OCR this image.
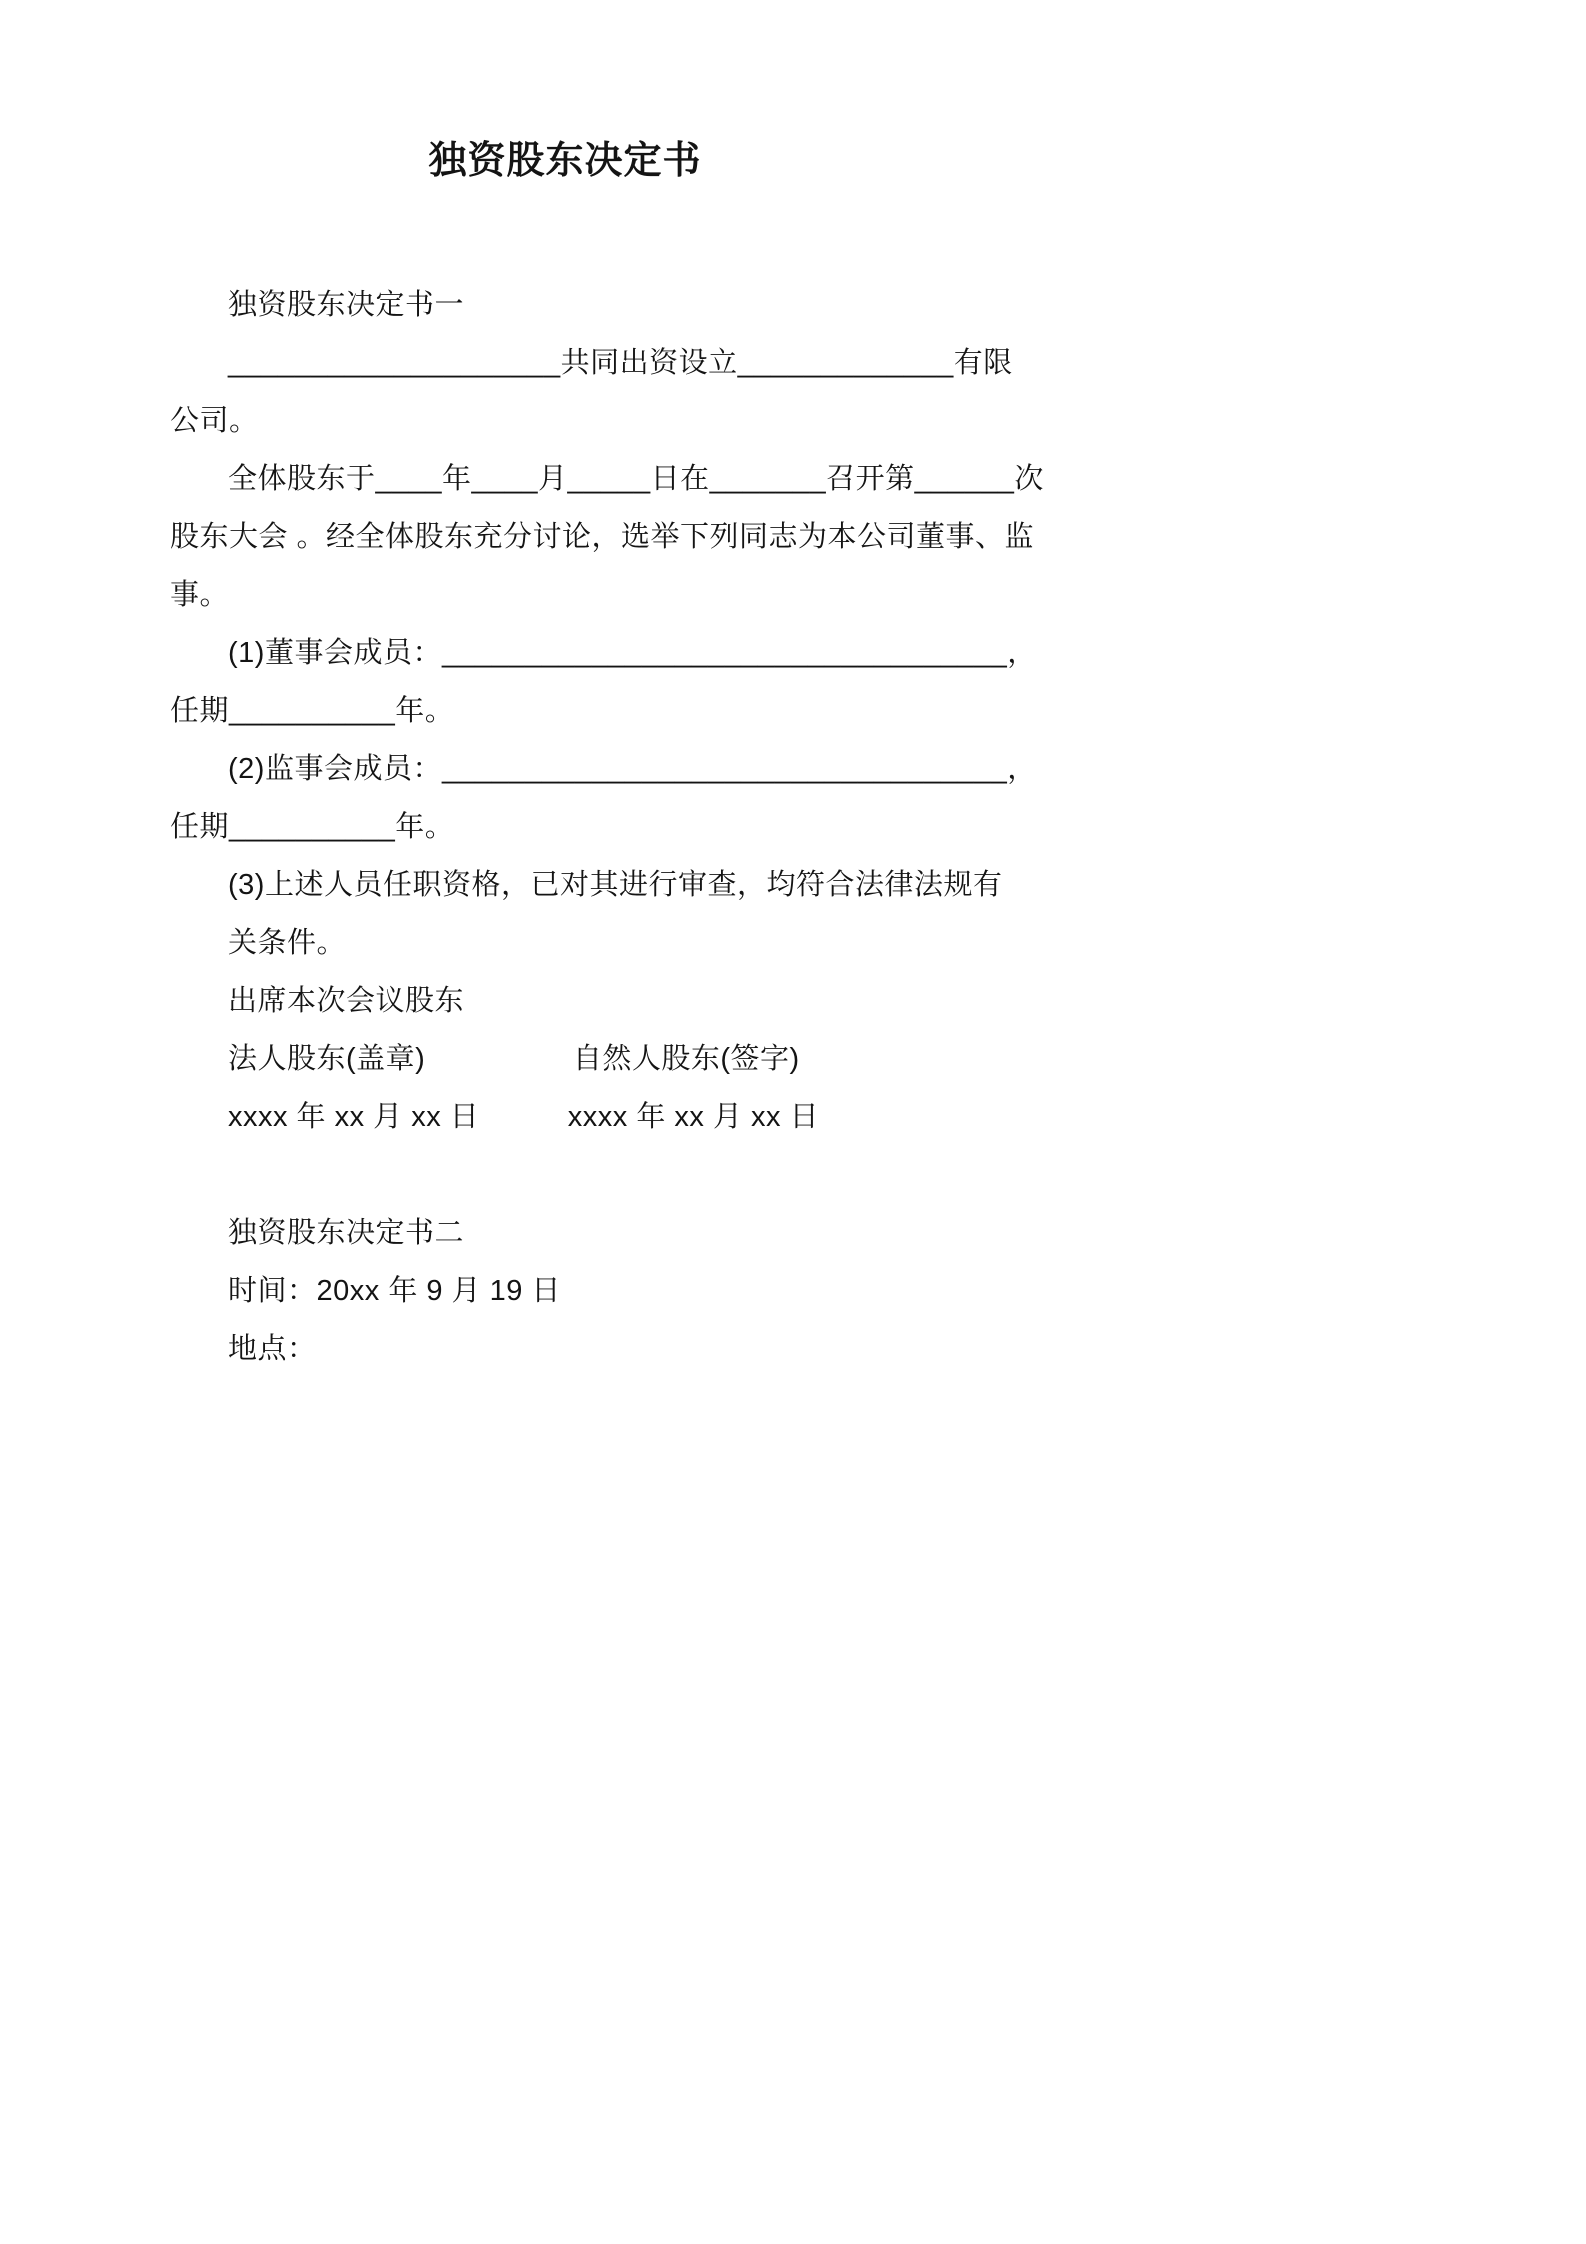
独资股东决定书
独资股东决定书一
____________________共同出资设立_____________有限
公司。
全体股东于____年____月_____日在_______召开第______次
股东大会 。经全体股东充分讨论，选举下列同志为本公司董事、监
事。
(1)董事会成员：__________________________________，
任期__________年。
(2)监事会成员：__________________________________，
任期__________年。
(3)上述人员任职资格，已对其进行审查，均符合法律法规有
关条件。
出席本次会议股东
法人股东(盖章)　　　　　自然人股东(签字)
xxxx 年 xx 月 xx 日　　　xxxx 年 xx 月 xx 日
独资股东决定书二
时间：20xx 年 9 月 19 日
地点：
